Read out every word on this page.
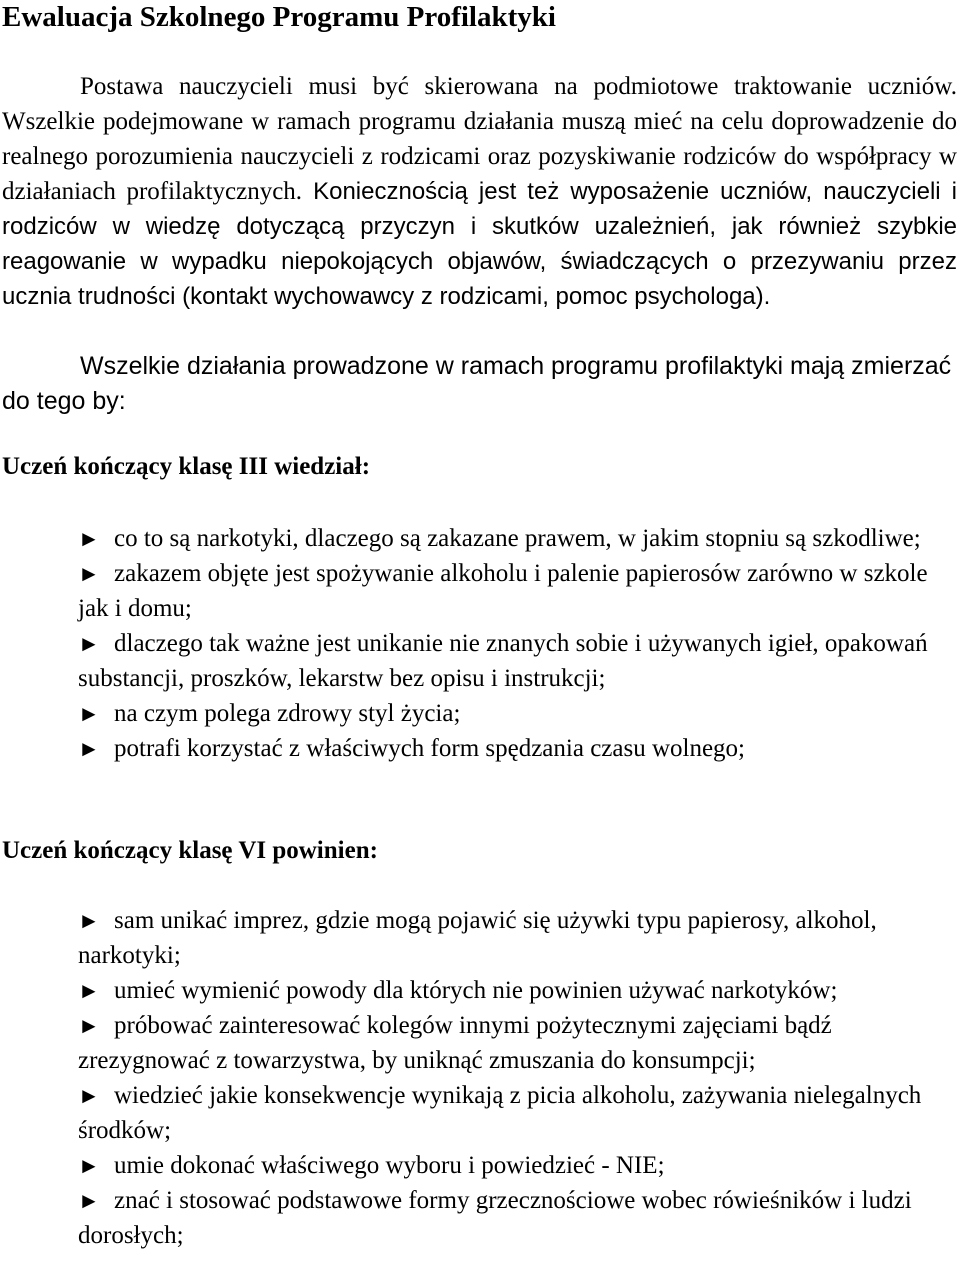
Ewaluacja Szkolnego Programu Profilaktyki

Postawa nauczycieli musi być skierowana na podmiotowe traktowanie uczniów. Wszelkie podejmowane w ramach programu działania muszą mieć na celu doprowadzenie do realnego porozumienia nauczycieli z rodzicami oraz pozyskiwanie rodziców do współpracy w działaniach profilaktycznych. Koniecznością jest też wyposażenie uczniów, nauczycieli i rodziców w wiedzę dotyczącą przyczyn i skutków uzależnień, jak również szybkie reagowanie w wypadku niepokojących objawów, świadczących o przezywaniu przez ucznia trudności (kontakt wychowawcy z rodzicami, pomoc psychologa).

Wszelkie działania prowadzone w ramach programu profilaktyki mają zmierzać do tego by:

Uczeń kończący klasę III wiedział:
► co to są narkotyki, dlaczego są zakazane prawem, w jakim stopniu są szkodliwe;
► zakazem objęte jest spożywanie alkoholu i palenie papierosów zarówno w szkole jak i domu;
► dlaczego tak ważne jest unikanie nie znanych sobie i używanych igieł, opakowań substancji, proszków, lekarstw bez opisu i instrukcji;
► na czym polega zdrowy styl życia;
► potrafi korzystać z właściwych form spędzania czasu wolnego;
Uczeń kończący klasę VI powinien:
► sam unikać imprez, gdzie mogą pojawić się używki typu papierosy, alkohol, narkotyki;
► umieć wymienić powody dla których nie powinien używać narkotyków;
► próbować zainteresować kolegów innymi pożytecznymi zajęciami bądź zrezygnować z towarzystwa, by uniknąć zmuszania do konsumpcji;
► wiedzieć jakie konsekwencje wynikają z picia alkoholu, zażywania nielegalnych środków;
► umie dokonać właściwego wyboru i powiedzieć - NIE;
► znać i stosować podstawowe formy grzecznościowe wobec rówieśników i ludzi dorosłych;
